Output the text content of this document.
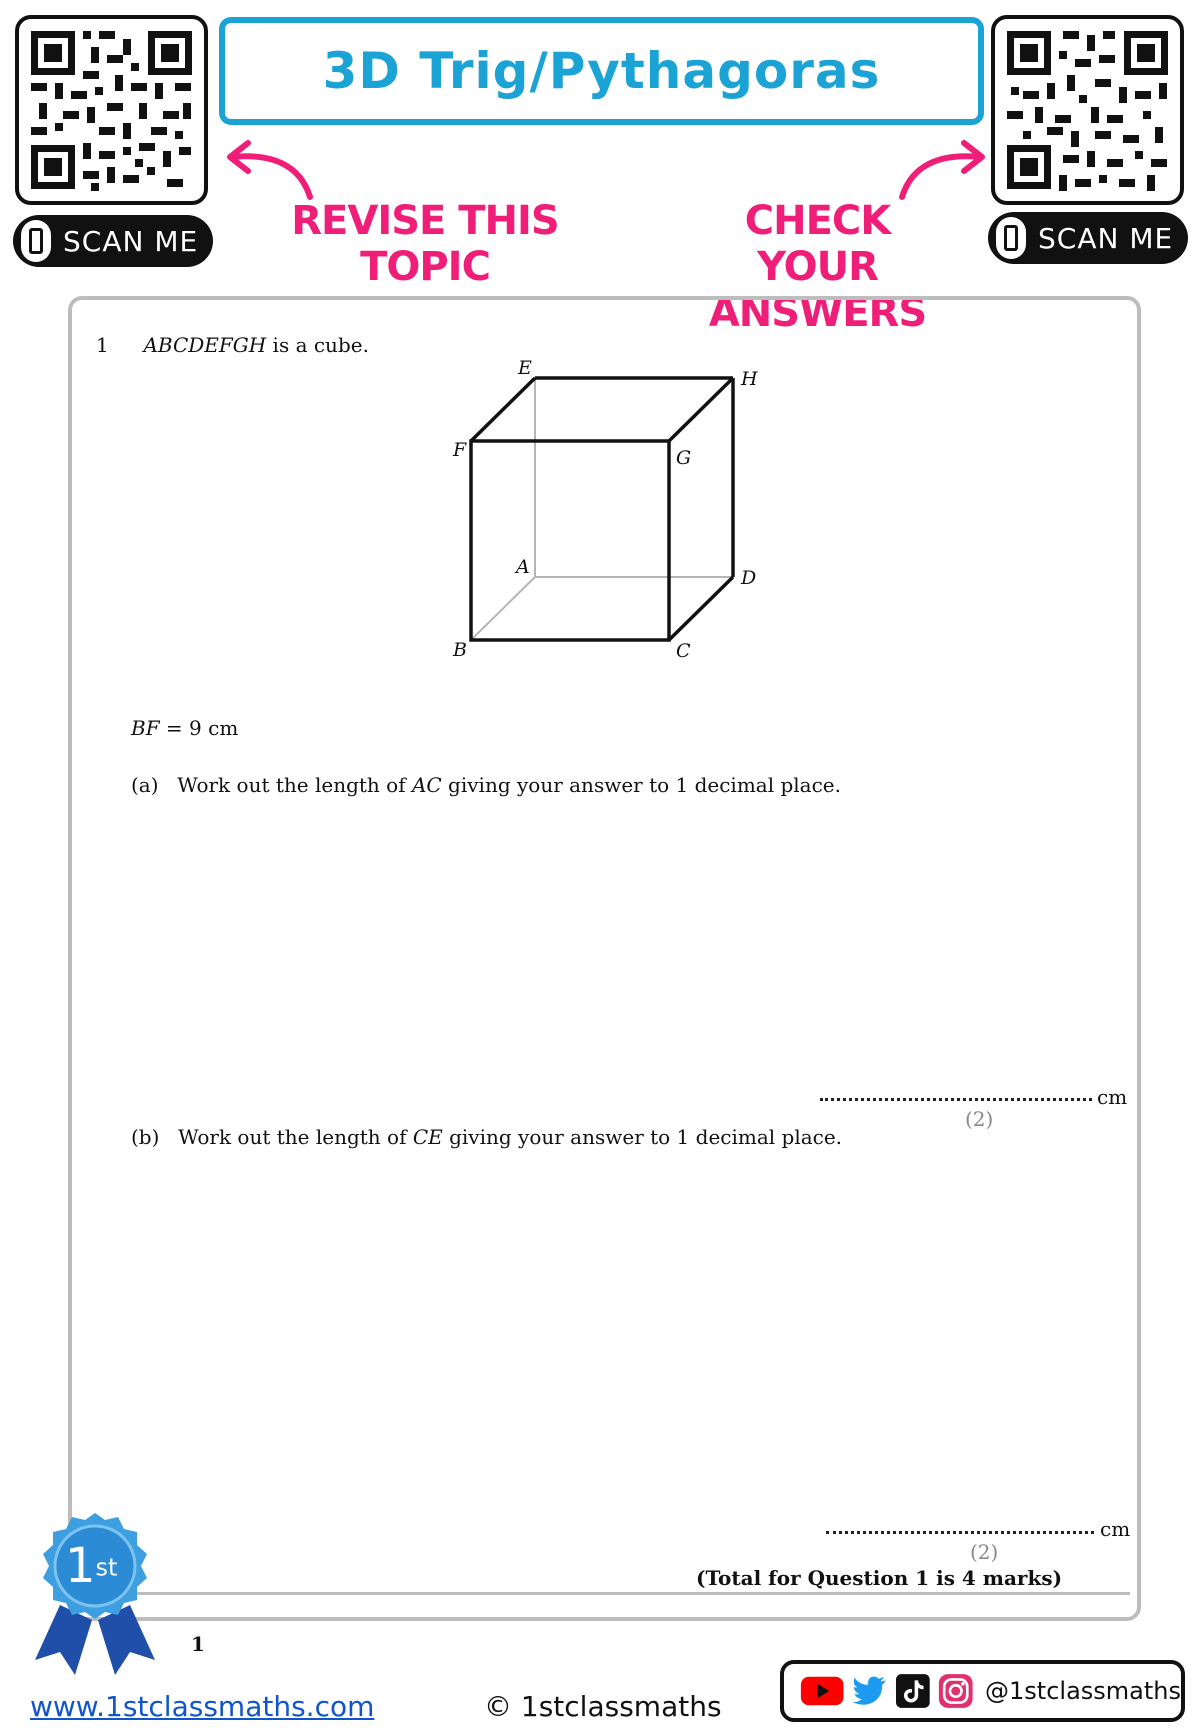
SCAN ME
3D Trig/Pythagoras
REVISE THIS
TOPIC
CHECK YOUR
ANSWERS
SCAN ME
1 ABCDEFGH is a cube.
E	H
F	G
A	D
B	C
BF = 9 cm
(a) Work out the length of AC giving your answer to 1 decimal place.
cm
(2)
(b) Work out the length of CE giving your answer to 1 decimal place.
cm
(2)
(Total for Question 1 is 4 marks)
1
1st
www.1stclassmaths.com	© 1stclassmaths	@1stclassmaths
